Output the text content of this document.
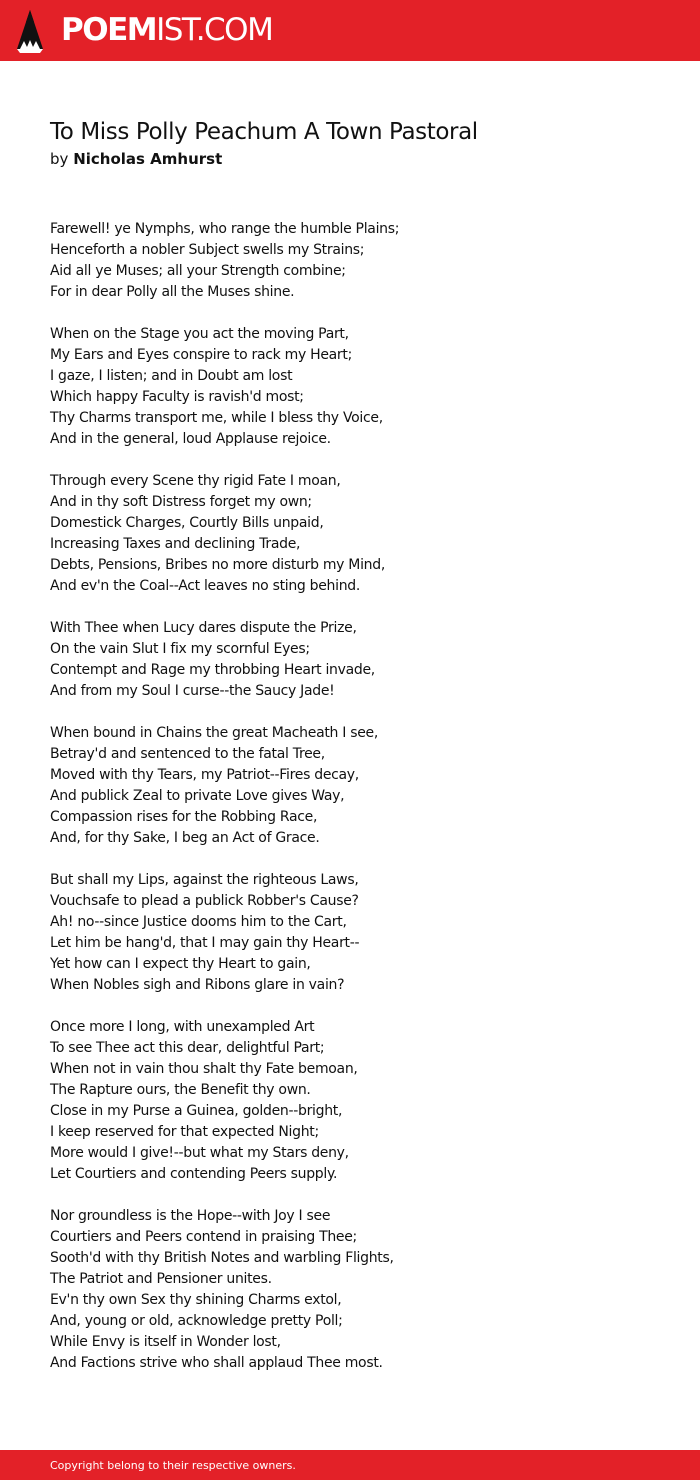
POEMIST.COM
To Miss Polly Peachum A Town Pastoral
by Nicholas Amhurst
Farewell! ye Nymphs, who range the humble Plains;
Henceforth a nobler Subject swells my Strains;
Aid all ye Muses; all your Strength combine;
For in dear Polly all the Muses shine.
When on the Stage you act the moving Part,
My Ears and Eyes conspire to rack my Heart;
I gaze, I listen; and in Doubt am lost
Which happy Faculty is ravish'd most;
Thy Charms transport me, while I bless thy Voice,
And in the general, loud Applause rejoice.
Through every Scene thy rigid Fate I moan,
And in thy soft Distress forget my own;
Domestick Charges, Courtly Bills unpaid,
Increasing Taxes and declining Trade,
Debts, Pensions, Bribes no more disturb my Mind,
And ev'n the Coal--Act leaves no sting behind.
With Thee when Lucy dares dispute the Prize,
On the vain Slut I fix my scornful Eyes;
Contempt and Rage my throbbing Heart invade,
And from my Soul I curse--the Saucy Jade!
When bound in Chains the great Macheath I see,
Betray'd and sentenced to the fatal Tree,
Moved with thy Tears, my Patriot--Fires decay,
And publick Zeal to private Love gives Way,
Compassion rises for the Robbing Race,
And, for thy Sake, I beg an Act of Grace.
But shall my Lips, against the righteous Laws,
Vouchsafe to plead a publick Robber's Cause?
Ah! no--since Justice dooms him to the Cart,
Let him be hang'd, that I may gain thy Heart--
Yet how can I expect thy Heart to gain,
When Nobles sigh and Ribons glare in vain?
Once more I long, with unexampled Art
To see Thee act this dear, delightful Part;
When not in vain thou shalt thy Fate bemoan,
The Rapture ours, the Benefit thy own.
Close in my Purse a Guinea, golden--bright,
I keep reserved for that expected Night;
More would I give!--but what my Stars deny,
Let Courtiers and contending Peers supply.
Nor groundless is the Hope--with Joy I see
Courtiers and Peers contend in praising Thee;
Sooth'd with thy British Notes and warbling Flights,
The Patriot and Pensioner unites.
Ev'n thy own Sex thy shining Charms extol,
And, young or old, acknowledge pretty Poll;
While Envy is itself in Wonder lost,
And Factions strive who shall applaud Thee most.
Copyright belong to their respective owners.
